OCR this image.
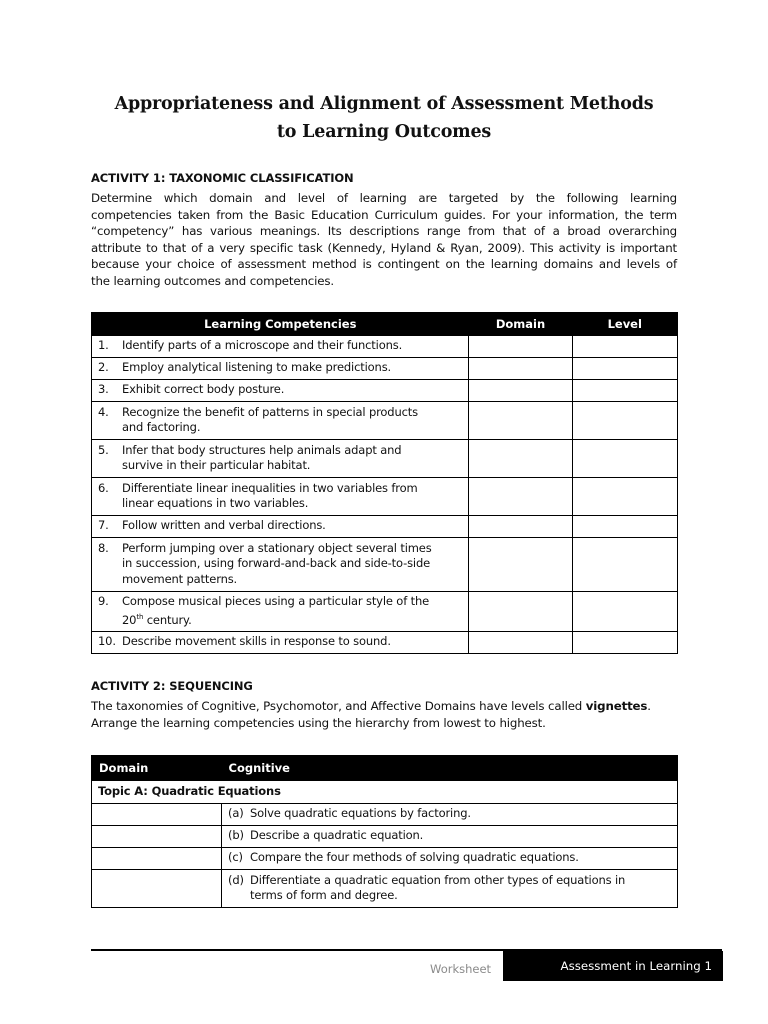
Appropriateness and Alignment of Assessment Methods
to Learning Outcomes
ACTIVITY 1: TAXONOMIC CLASSIFICATION
Determine which domain and level of learning are targeted by the following learning
competencies taken from the Basic Education Curriculum guides. For your information, the term
“competency” has various meanings. Its descriptions range from that of a broad overarching
attribute to that of a very specific task (Kennedy, Hyland & Ryan, 2009). This activity is important
because your choice of assessment method is contingent on the learning domains and levels of
the learning outcomes and competencies.
Learning Competencies	Domain	Level

1. Identify parts of a microscope and their functions.		

2. Employ analytical listening to make predictions.		

3. Exhibit correct body posture.		

4. Recognize the benefit of patterns in special products
and factoring.		

5. Infer that body structures help animals adapt and
survive in their particular habitat.		

6. Differentiate linear inequalities in two variables from
linear equations in two variables.		

7. Follow written and verbal directions.		

8. Perform jumping over a stationary object several times
in succession, using forward-and-back and side-to-side
movement patterns.		

9. Compose musical pieces using a particular style of the
20th century.		

10. Describe movement skills in response to sound.		

ACTIVITY 2: SEQUENCING
The taxonomies of Cognitive, Psychomotor, and Affective Domains have levels called vignettes.
Arrange the learning competencies using the hierarchy from lowest to highest.
Domain	Cognitive
Topic A: Quadratic Equations	

	(a) Solve quadratic equations by factoring.

	(b) Describe a quadratic equation.

	(c) Compare the four methods of solving quadratic equations.

	(d) Differentiate a quadratic equation from other types of equations in
terms of form and degree.
Worksheet	Assessment in Learning 1
